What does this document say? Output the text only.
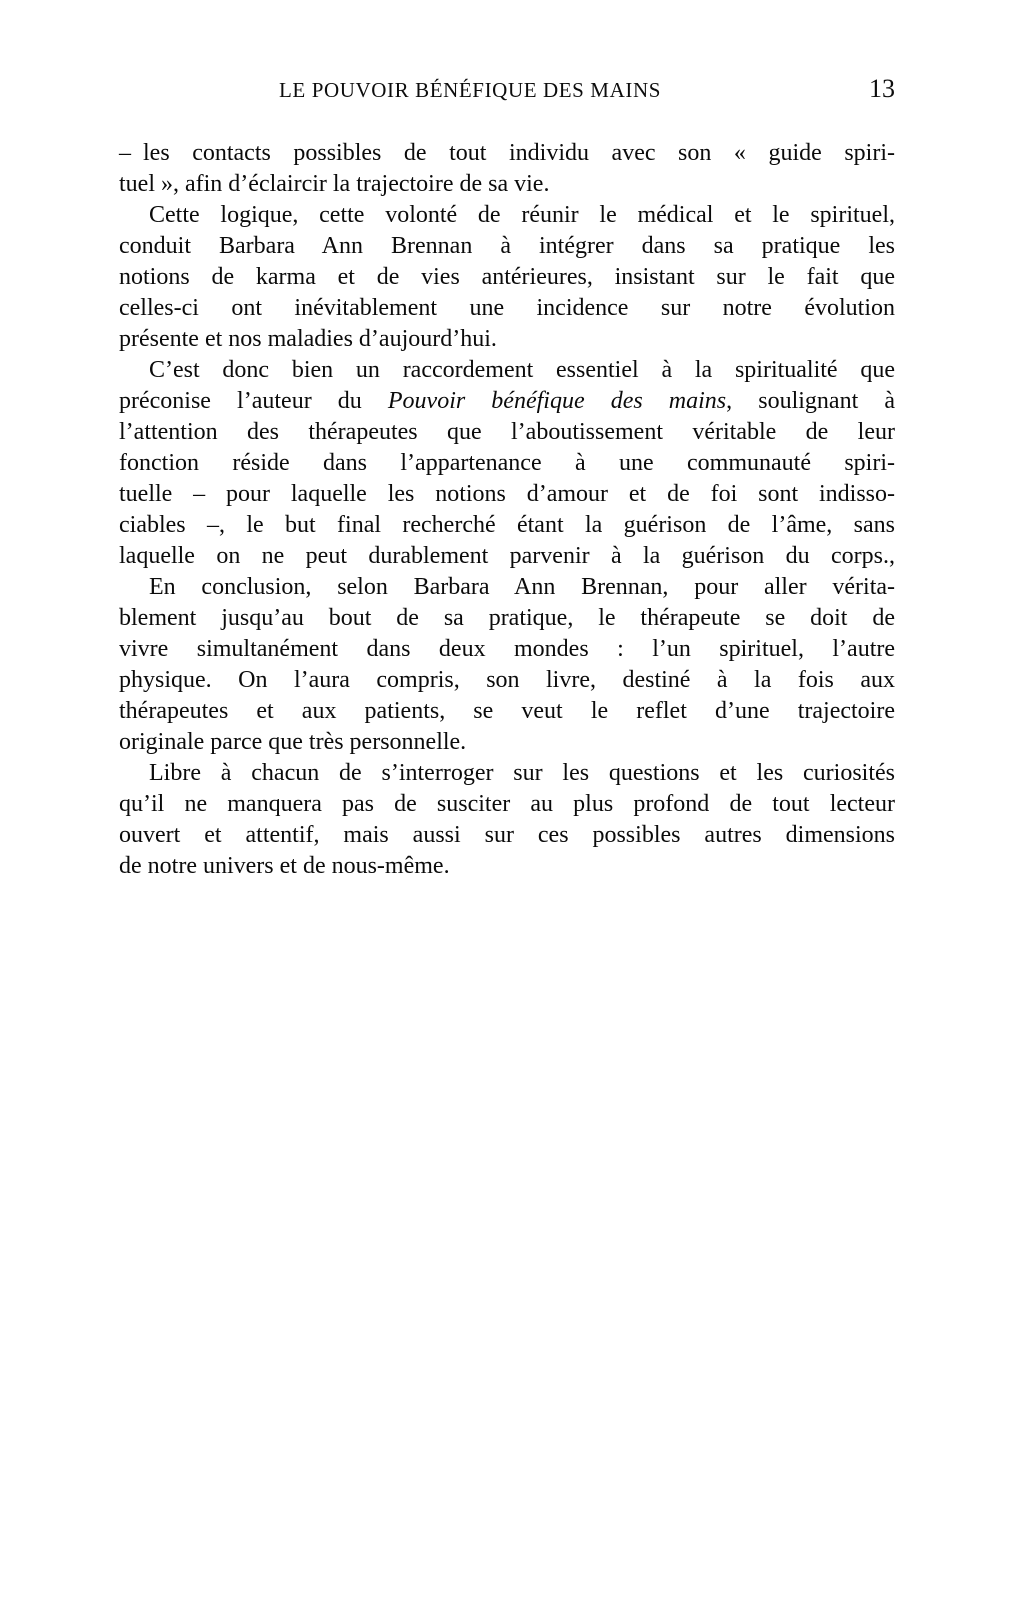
LE POUVOIR BÉNÉFIQUE DES MAINS	13
– les contacts possibles de tout individu avec son « guide spiri-
tuel », afin d’éclaircir la trajectoire de sa vie.
Cette logique, cette volonté de réunir le médical et le spirituel,
conduit Barbara Ann Brennan à intégrer dans sa pratique les
notions de karma et de vies antérieures, insistant sur le fait que
celles-ci ont inévitablement une incidence sur notre évolution
présente et nos maladies d’aujourd’hui.
C’est donc bien un raccordement essentiel à la spiritualité que
préconise l’auteur du Pouvoir bénéfique des mains, soulignant à
l’attention des thérapeutes que l’aboutissement véritable de leur
fonction réside dans l’appartenance à une communauté spiri-
tuelle – pour laquelle les notions d’amour et de foi sont indisso-
ciables –, le but final recherché étant la guérison de l’âme, sans
laquelle on ne peut durablement parvenir à la guérison du corps.,
En conclusion, selon Barbara Ann Brennan, pour aller vérita-
blement jusqu’au bout de sa pratique, le thérapeute se doit de
vivre simultanément dans deux mondes : l’un spirituel, l’autre
physique. On l’aura compris, son livre, destiné à la fois aux
thérapeutes et aux patients, se veut le reflet d’une trajectoire
originale parce que très personnelle.
Libre à chacun de s’interroger sur les questions et les curiosités
qu’il ne manquera pas de susciter au plus profond de tout lecteur
ouvert et attentif, mais aussi sur ces possibles autres dimensions
de notre univers et de nous-même.
